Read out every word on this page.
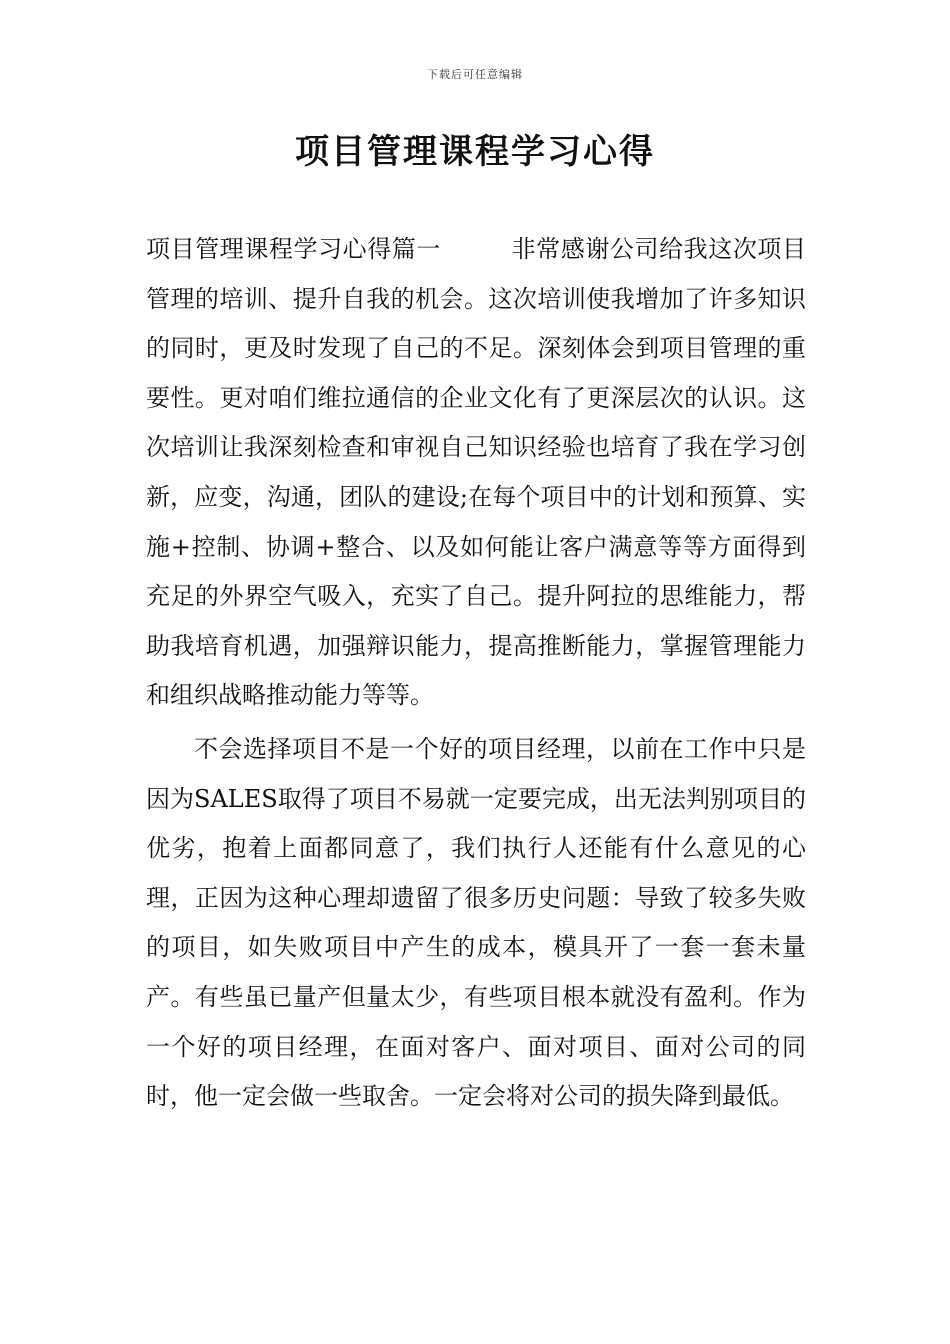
下载后可任意编辑
项目管理课程学习心得

项目管理课程学习心得篇一	非常感谢公司给我这次项目管理的培训、提升自我的机会。这次培训使我增加了许多知识的同时，更及时发现了自己的不足。深刻体会到项目管理的重要性。更对咱们维拉通信的企业文化有了更深层次的认识。这次培训让我深刻检查和审视自己知识经验也培育了我在学习创新，应变，沟通，团队的建设;在每个项目中的计划和预算、实施+控制、协调+整合、以及如何能让客户满意等等方面得到充足的外界空气吸入，充实了自己。提升阿拉的思维能力，帮助我培育机遇，加强辩识能力，提高推断能力，掌握管理能力和组织战略推动能力等等。

不会选择项目不是一个好的项目经理，以前在工作中只是因为SALES取得了项目不易就一定要完成，出无法判别项目的优劣，抱着上面都同意了，我们执行人还能有什么意见的心理，正因为这种心理却遗留了很多历史问题：导致了较多失败的项目，如失败项目中产生的成本，模具开了一套一套未量产。有些虽已量产但量太少，有些项目根本就没有盈利。作为一个好的项目经理，在面对客户、面对项目、面对公司的同时，他一定会做一些取舍。一定会将对公司的损失降到最低。
